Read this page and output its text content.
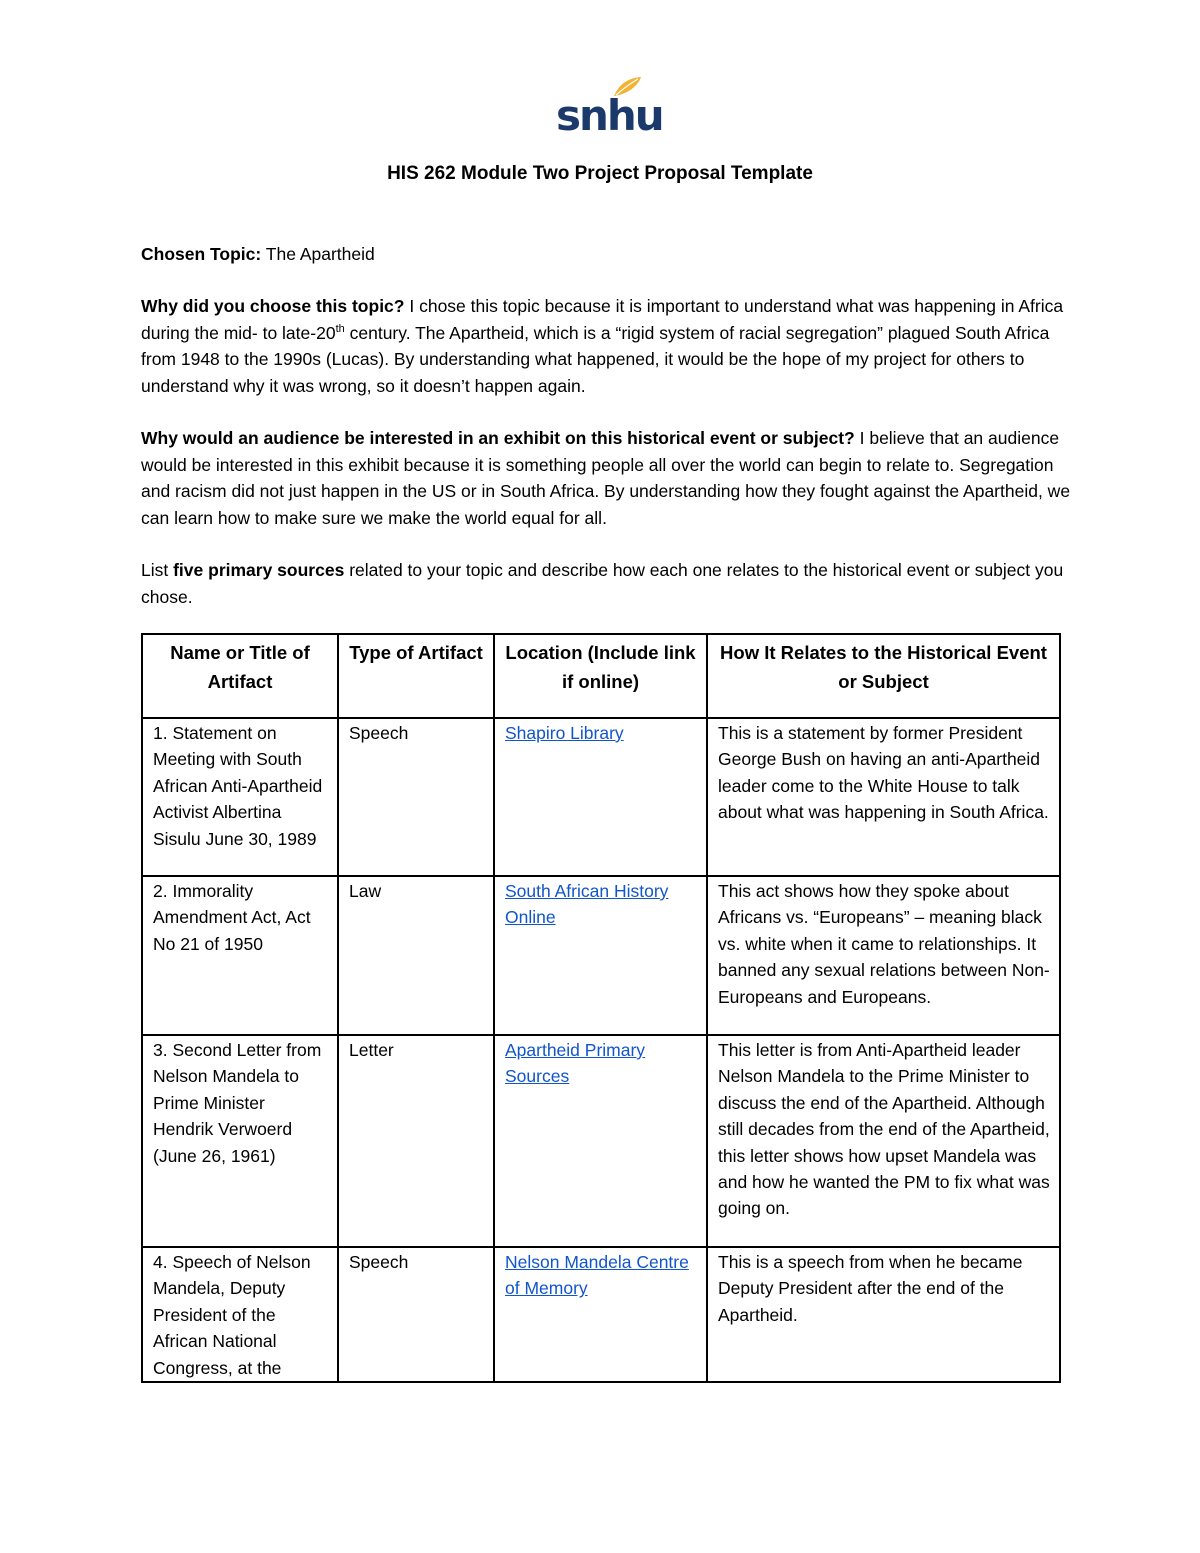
snhu
HIS 262 Module Two Project Proposal Template

Chosen Topic: The Apartheid

Why did you choose this topic? I chose this topic because it is important to understand what was happening in Africa during the mid- to late-20th century. The Apartheid, which is a “rigid system of racial segregation” plagued South Africa from 1948 to the 1990s (Lucas). By understanding what happened, it would be the hope of my project for others to understand why it was wrong, so it doesn’t happen again.

Why would an audience be interested in an exhibit on this historical event or subject? I believe that an audience would be interested in this exhibit because it is something people all over the world can begin to relate to. Segregation and racism did not just happen in the US or in South Africa. By understanding how they fought against the Apartheid, we can learn how to make sure we make the world equal for all.

List five primary sources related to your topic and describe how each one relates to the historical event or subject you chose.

Name or Title of Artifact	Type of Artifact	Location (Include link if online)	How It Relates to the Historical Event or Subject
1. Statement on Meeting with South African Anti-Apartheid Activist Albertina Sisulu June 30, 1989	Speech	Shapiro Library	This is a statement by former President George Bush on having an anti-Apartheid leader come to the White House to talk about what was happening in South Africa.
2. Immorality Amendment Act, Act No 21 of 1950	Law	South African History Online	This act shows how they spoke about Africans vs. “Europeans” – meaning black vs. white when it came to relationships. It banned any sexual relations between Non-Europeans and Europeans.
3. Second Letter from Nelson Mandela to Prime Minister Hendrik Verwoerd (June 26, 1961)	Letter	Apartheid Primary Sources	This letter is from Anti-Apartheid leader Nelson Mandela to the Prime Minister to discuss the end of the Apartheid. Although still decades from the end of the Apartheid, this letter shows how upset Mandela was and how he wanted the PM to fix what was going on.
4. Speech of Nelson Mandela, Deputy President of the African National Congress, at the	Speech	Nelson Mandela Centre of Memory	This is a speech from when he became Deputy President after the end of the Apartheid.
